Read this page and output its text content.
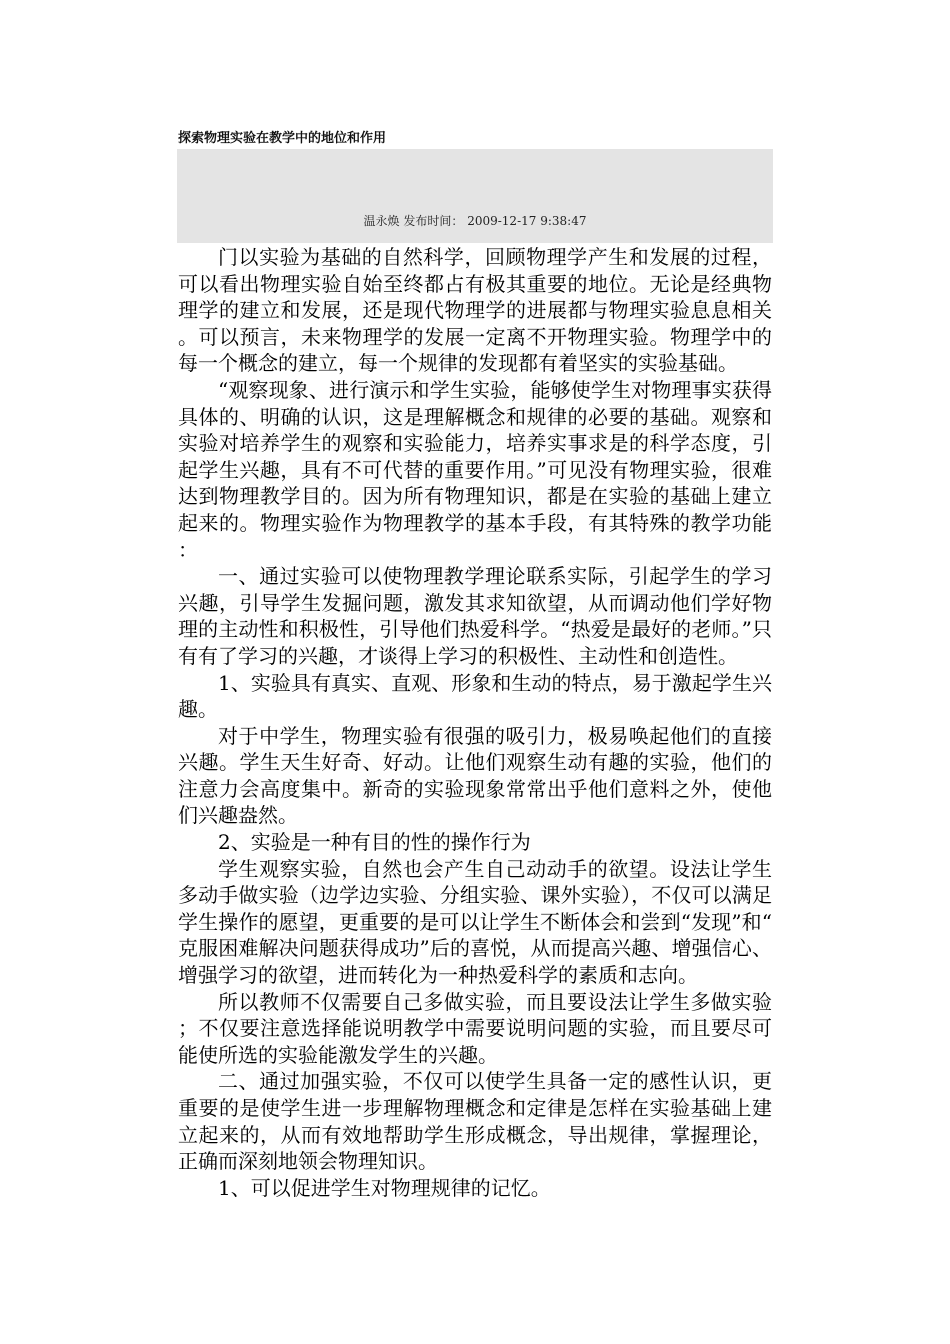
探索物理实验在教学中的地位和作用
温永焕 发布时间： 2009-12-17 9:38:47

门以实验为基础的自然科学，回顾物理学产生和发展的过程，可以看出物理实验自始至终都占有极其重要的地位。无论是经典物理学的建立和发展，还是现代物理学的进展都与物理实验息息相关。可以预言，未来物理学的发展一定离不开物理实验。物理学中的每一个概念的建立，每一个规律的发现都有着坚实的实验基础。

“观察现象、进行演示和学生实验，能够使学生对物理事实获得具体的、明确的认识，这是理解概念和规律的必要的基础。观察和实验对培养学生的观察和实验能力，培养实事求是的科学态度，引起学生兴趣，具有不可代替的重要作用。”可见没有物理实验，很难达到物理教学目的。因为所有物理知识，都是在实验的基础上建立起来的。物理实验作为物理教学的基本手段，有其特殊的教学功能：

一、通过实验可以使物理教学理论联系实际，引起学生的学习兴趣，引导学生发掘问题，激发其求知欲望，从而调动他们学好物理的主动性和积极性，引导他们热爱科学。“热爱是最好的老师。”只有有了学习的兴趣，才谈得上学习的积极性、主动性和创造性。

1、实验具有真实、直观、形象和生动的特点，易于激起学生兴趣。

对于中学生，物理实验有很强的吸引力，极易唤起他们的直接兴趣。学生天生好奇、好动。让他们观察生动有趣的实验，他们的注意力会高度集中。新奇的实验现象常常出乎他们意料之外，使他们兴趣盎然。

2、实验是一种有目的性的操作行为

学生观察实验，自然也会产生自己动动手的欲望。设法让学生多动手做实验（边学边实验、分组实验、课外实验），不仅可以满足学生操作的愿望，更重要的是可以让学生不断体会和尝到“发现”和“克服困难解决问题获得成功”后的喜悦，从而提高兴趣、增强信心、增强学习的欲望，进而转化为一种热爱科学的素质和志向。

所以教师不仅需要自己多做实验，而且要设法让学生多做实验；不仅要注意选择能说明教学中需要说明问题的实验，而且要尽可能使所选的实验能激发学生的兴趣。

二、通过加强实验，不仅可以使学生具备一定的感性认识，更重要的是使学生进一步理解物理概念和定律是怎样在实验基础上建立起来的，从而有效地帮助学生形成概念，导出规律，掌握理论，正确而深刻地领会物理知识。

1、可以促进学生对物理规律的记忆。
